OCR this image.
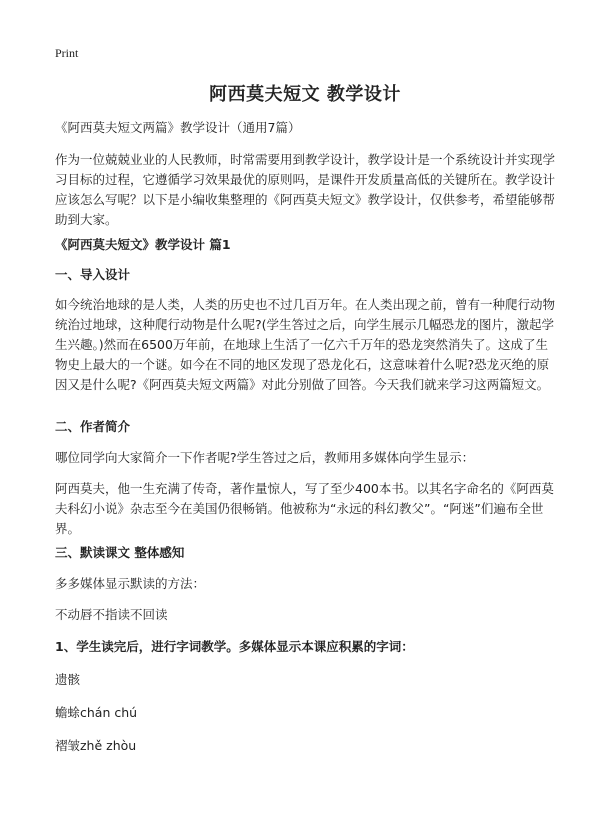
Print
阿西莫夫短文 教学设计

《阿西莫夫短文两篇》教学设计（通用7篇）

作为一位兢兢业业的人民教师，时常需要用到教学设计，教学设计是一个系统设计并实现学习目标的过程，它遵循学习效果最优的原则吗，是课件开发质量高低的关键所在。教学设计应该怎么写呢？以下是小编收集整理的《阿西莫夫短文》教学设计，仅供参考，希望能够帮助到大家。

《阿西莫夫短文》教学设计 篇1
一、导入设计

如今统治地球的是人类，人类的历史也不过几百万年。在人类出现之前，曾有一种爬行动物统治过地球，这种爬行动物是什么呢?(学生答过之后，向学生展示几幅恐龙的图片，激起学生兴趣。)然而在6500万年前，在地球上生活了一亿六千万年的恐龙突然消失了。这成了生物史上最大的一个谜。如今在不同的地区发现了恐龙化石，这意味着什么呢?恐龙灭绝的原因又是什么呢?《阿西莫夫短文两篇》对此分别做了回答。今天我们就来学习这两篇短文。

二、作者简介

哪位同学向大家简介一下作者呢?学生答过之后，教师用多媒体向学生显示：

阿西莫夫，他一生充满了传奇，著作量惊人，写了至少400本书。以其名字命名的《阿西莫夫科幻小说》杂志至今在美国仍很畅销。他被称为“永远的科幻教父”。“阿迷”们遍布全世界。

三、默读课文 整体感知

多多媒体显示默读的方法：

不动唇不指读不回读

1、学生读完后，进行字词教学。多媒体显示本课应积累的字词：

遗骸

蟾蜍chán chú

褶皱zhě zhòu
